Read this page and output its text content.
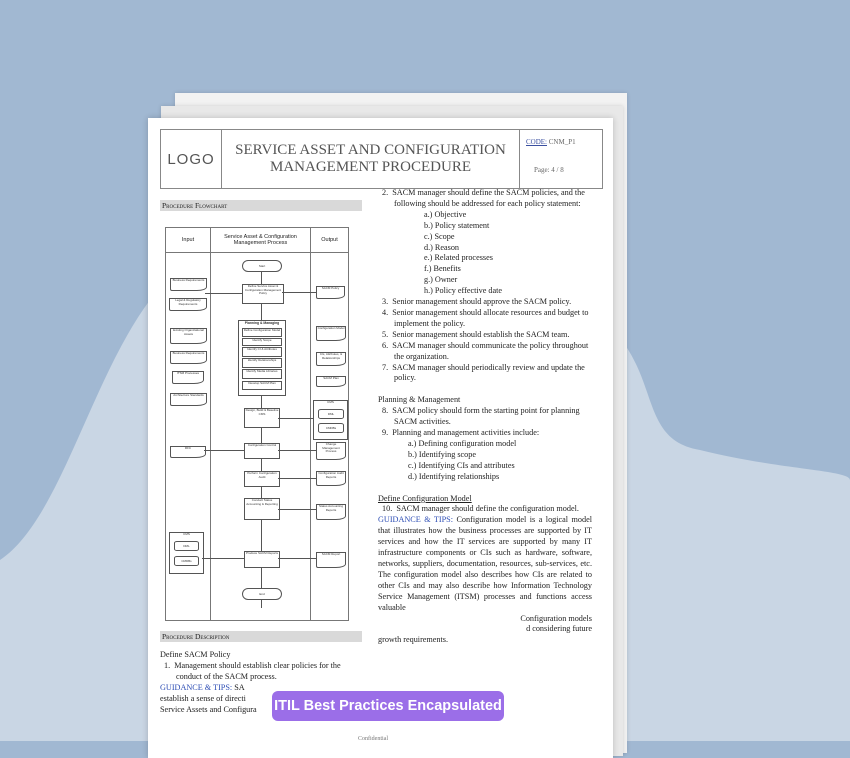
LOGO
SERVICE ASSET AND CONFIGURATION
MANAGEMENT PROCEDURE
CODE: CNM_P1
Page: 4 / 8
Procedure Flowchart
Input	Service Asset & Configuration Management Process	Output
Start
Business Requirements
Legal & Regulatory Requirements
Define Service Asset & Configuration Management Policy
SACM Policy
Planning & Managing
Define Configuration Model
Identify Scope
Identify CI & Attributes
Identify Relationships
Identify Media Libraries
Develop SACM Plan
Existing Organizational Assets
Business Requirements
ITSM Processes
Architecture Standards
Configuration Model
CIs, Attributes, & Relationships
SACM Plan
CMS
DML
CMDBs
Design, Build & Baseline CMS
RFC
Configuration Control	Change Management Process
Perform Configuration Audit
Configuration Audit Reports
Conduct Status Accounting & Reporting
Status Accounting Reports
CMS
DML
CMDBs
Produce SACM Reports	SACM Report
End
Procedure Description
Define SACM Policy
1. Management should establish clear policies for the conduct of the SACM process.
GUIDANCE & TIPS: SA
establish a sense of directi
Service Assets and Configura
2. SACM manager should define the SACM policies, and the following should be addressed for each policy statement:
a.) Objective
b.) Policy statement
c.) Scope
d.) Reason
e.) Related processes
f.) Benefits
g.) Owner
h.) Policy effective date
3. Senior management should approve the SACM policy.
4. Senior management should allocate resources and budget to implement the policy.
5. Senior management should establish the SACM team.
6. SACM manager should communicate the policy throughout the organization.
7. SACM manager should periodically review and update the policy.
Planning & Management
8. SACM policy should form the starting point for planning SACM activities.
9. Planning and management activities include:
a.) Defining configuration model
b.) Identifying scope
c.) Identifying CIs and attributes
d.) Identifying relationships
Define Configuration Model
10. SACM manager should define the configuration model.
GUIDANCE & TIPS: Configuration model is a logical model that illustrates how the business processes are supported by IT services and how the IT services are supported by many IT infrastructure components or CIs such as hardware, software, networks, suppliers, documentation, resources, sub-services, etc. The configuration model also describes how CIs are related to other CIs and may also describe how Information Technology Service Management (ITSM) processes and functions access valuable
Configuration models
d considering future
growth requirements.
Confidential
ITIL Best Practices Encapsulated
